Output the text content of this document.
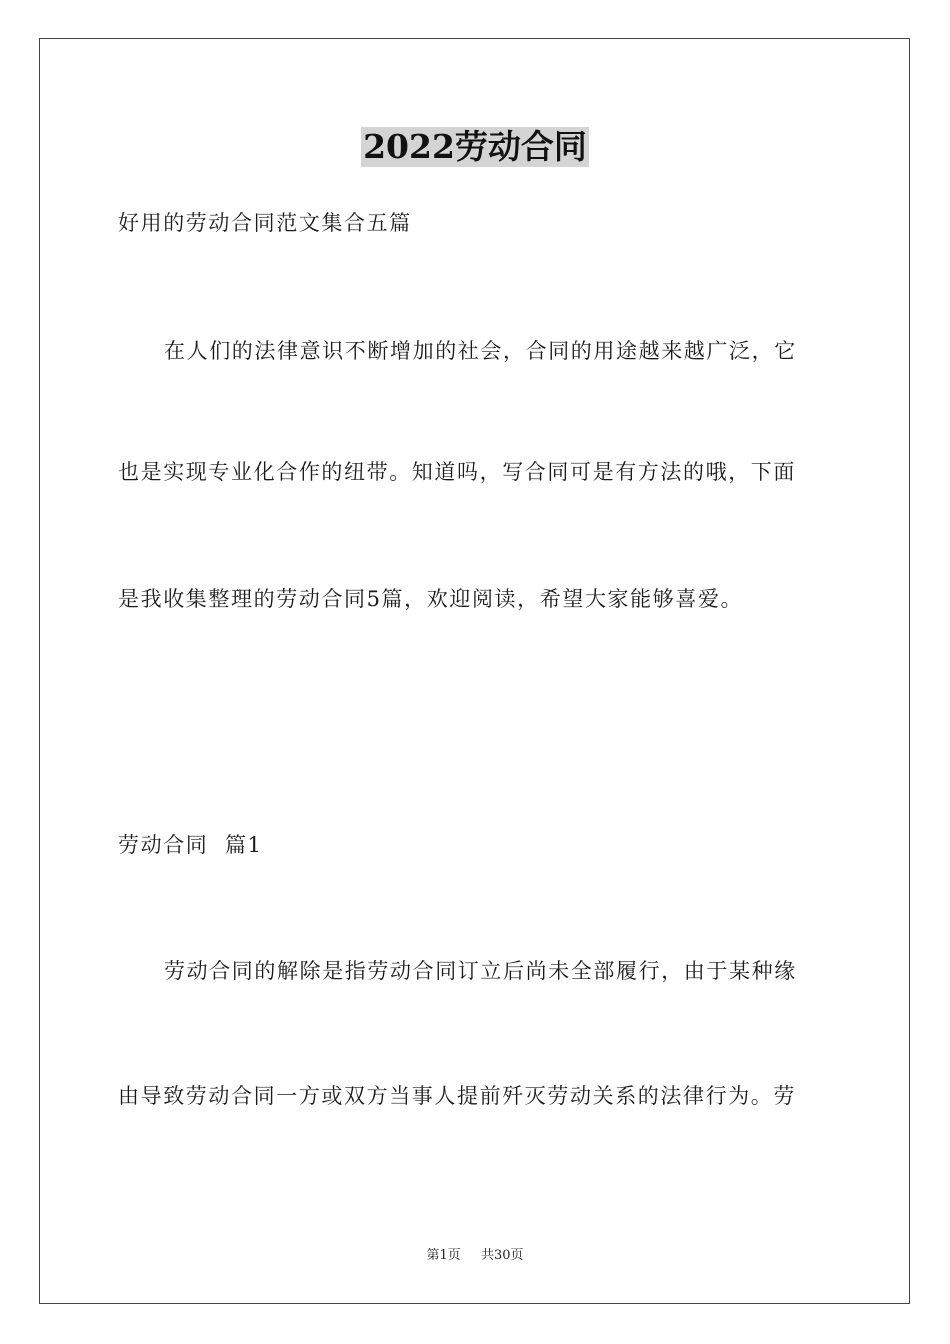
2022劳动合同
好用的劳动合同范文集合五篇
在人们的法律意识不断增加的社会，合同的用途越来越广泛，它
也是实现专业化合作的纽带。知道吗，写合同可是有方法的哦，下面
是我收集整理的劳动合同5篇，欢迎阅读，希望大家能够喜爱。
劳动合同  篇1
劳动合同的解除是指劳动合同订立后尚未全部履行，由于某种缘
由导致劳动合同一方或双方当事人提前歼灭劳动关系的法律行为。劳
第1页 共30页
